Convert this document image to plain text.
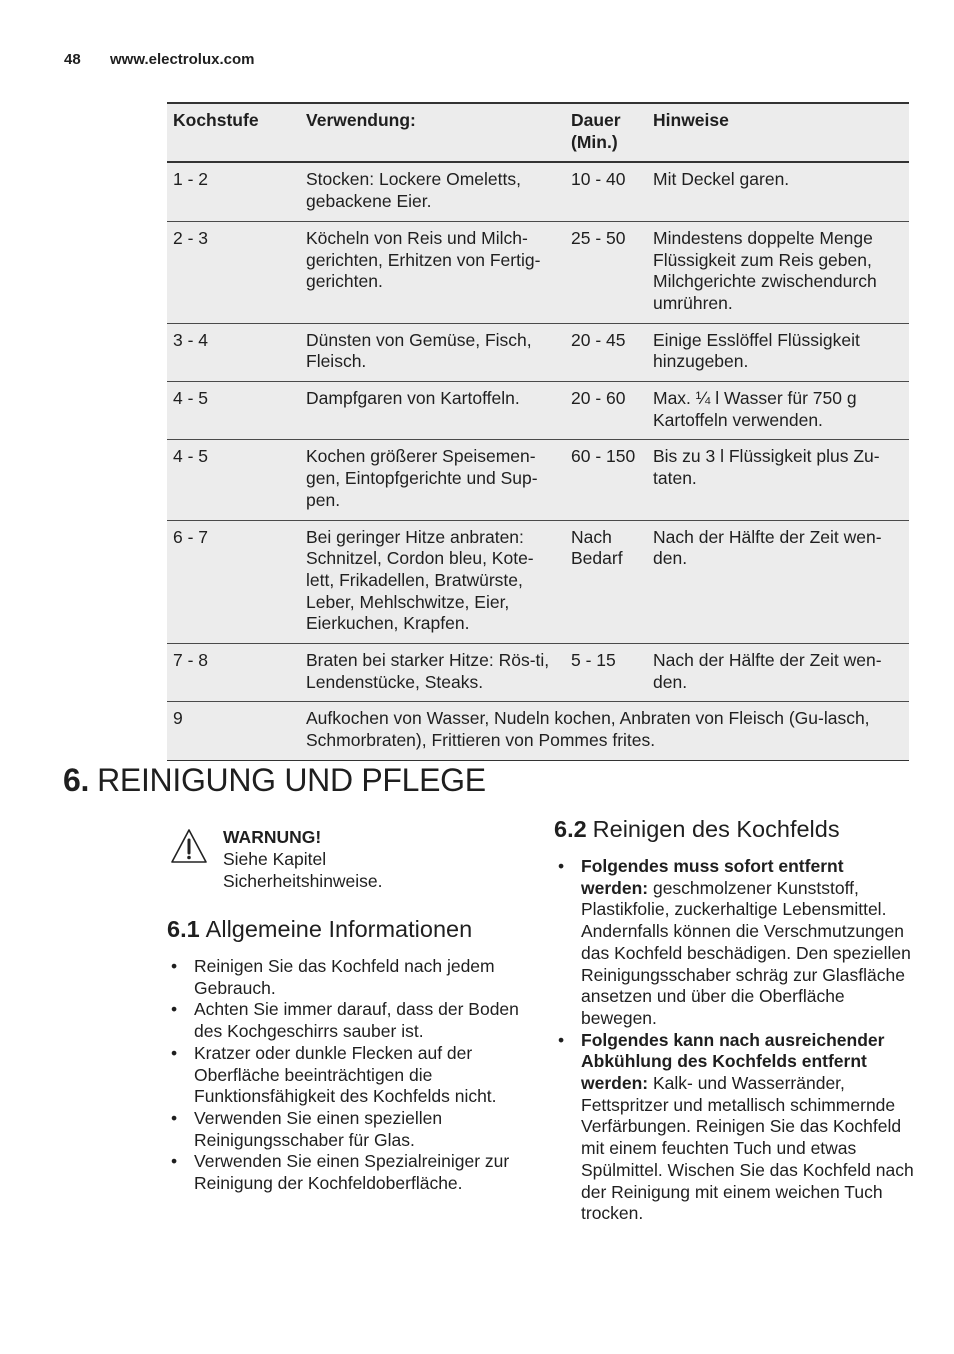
48 www.electrolux.com
Kochstufe	Verwendung:	Dauer (Min.)	Hinweise
1 - 2	Stocken: Lockere Omeletts, gebackene Eier.	10 - 40	Mit Deckel garen.
2 - 3	Köcheln von Reis und Milch-gerichten, Erhitzen von Fertig-gerichten.	25 - 50	Mindestens doppelte Menge Flüssigkeit zum Reis geben, Milchgerichte zwischendurch umrühren.
3 - 4	Dünsten von Gemüse, Fisch, Fleisch.	20 - 45	Einige Esslöffel Flüssigkeit hinzugeben.
4 - 5	Dampfgaren von Kartoffeln.	20 - 60	Max. ¼ l Wasser für 750 g Kartoffeln verwenden.
4 - 5	Kochen größerer Speisemen-gen, Eintopfgerichte und Sup-pen.	60 - 150	Bis zu 3 l Flüssigkeit plus Zu-taten.
6 - 7	Bei geringer Hitze anbraten: Schnitzel, Cordon bleu, Kote-lett, Frikadellen, Bratwürste, Leber, Mehlschwitze, Eier, Eierkuchen, Krapfen.	Nach Bedarf	Nach der Hälfte der Zeit wen-den.
7 - 8	Braten bei starker Hitze: Rös-ti, Lendenstücke, Steaks.	5 - 15	Nach der Hälfte der Zeit wen-den.
9	Aufkochen von Wasser, Nudeln kochen, Anbraten von Fleisch (Gu-lasch, Schmorbraten), Frittieren von Pommes frites.		
6. REINIGUNG UND PFLEGE
WARNUNG!
Siehe Kapitel
Sicherheitshinweise.
6.1 Allgemeine Informationen
• Reinigen Sie das Kochfeld nach jedem Gebrauch.
• Achten Sie immer darauf, dass der Boden des Kochgeschirrs sauber ist.
• Kratzer oder dunkle Flecken auf der Oberfläche beeinträchtigen die Funktionsfähigkeit des Kochfelds nicht.
• Verwenden Sie einen speziellen Reinigungsschaber für Glas.
• Verwenden Sie einen Spezialreiniger zur Reinigung der Kochfeldoberfläche.
6.2 Reinigen des Kochfelds
• Folgendes muss sofort entfernt werden: geschmolzener Kunststoff, Plastikfolie, zuckerhaltige Lebensmittel. Andernfalls können die Verschmutzungen das Kochfeld beschädigen. Den speziellen Reinigungsschaber schräg zur Glasfläche ansetzen und über die Oberfläche bewegen.
• Folgendes kann nach ausreichender Abkühlung des Kochfelds entfernt werden: Kalk- und Wasserränder, Fettspritzer und metallisch schimmernde Verfärbungen. Reinigen Sie das Kochfeld mit einem feuchten Tuch und etwas Spülmittel. Wischen Sie das Kochfeld nach der Reinigung mit einem weichen Tuch trocken.
